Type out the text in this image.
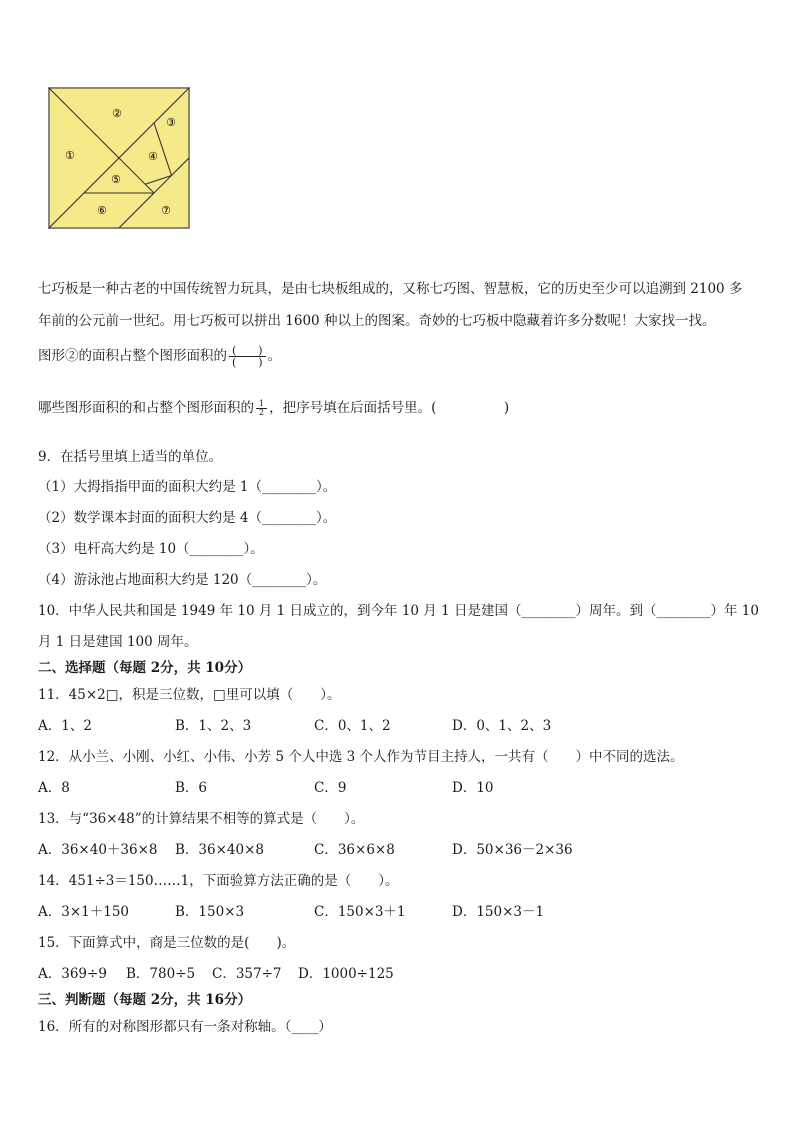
①
②
③
④
⑤
⑥	⑦
七巧板是一种古老的中国传统智力玩具，是由七块板组成的，又称七巧图、智慧板，它的历史至少可以追溯到 2100 多
年前的公元前一世纪。用七巧板可以拼出 1600 种以上的图案。奇妙的七巧板中隐藏着许多分数呢！大家找一找。
图形②的面积占整个图形面积的 $\frac{( )}{( )}$ 。
哪些图形面积的和占整个图形面积的 $\frac{1}{2}$ ，把序号填在后面括号里。(　　　　　)
9．在括号里填上适当的单位。
（1）大拇指指甲面的面积大约是 1（________）。
（2）数学课本封面的面积大约是 4（________）。
（3）电杆高大约是 10（________）。
（4）游泳池占地面积大约是 120（________）。
10．中华人民共和国是 1949 年 10 月 1 日成立的，到今年 10 月 1 日是建国（________）周年。到（________）年 10
月 1 日是建国 100 周年。
二、选择题（每题 2分，共 10分）
11．45×2□，积是三位数，□里可以填（　　）。
A．1、2	B．1、2、3	C．0、1、2	D．0、1、2、3
12．从小兰、小刚、小红、小伟、小芳 5 个人中选 3 个人作为节目主持人，一共有（　　）中不同的选法。
A．8	B．6	C．9	D．10
13．与“36×48”的计算结果不相等的算式是（　　）。
A．36×40＋36×8 B．36×40×8	C．36×6×8	D．50×36－2×36
14．451÷3＝150……1，下面验算方法正确的是（　　）。
A．3×1＋150	B．150×3	C．150×3＋1	D．150×3－1
15．下面算式中，商是三位数的是(　　)。
A．369÷9 B．780÷5 C．357÷7 D．1000÷125
三、判断题（每题 2分，共 16分）
16．所有的对称图形都只有一条对称轴。（____）
